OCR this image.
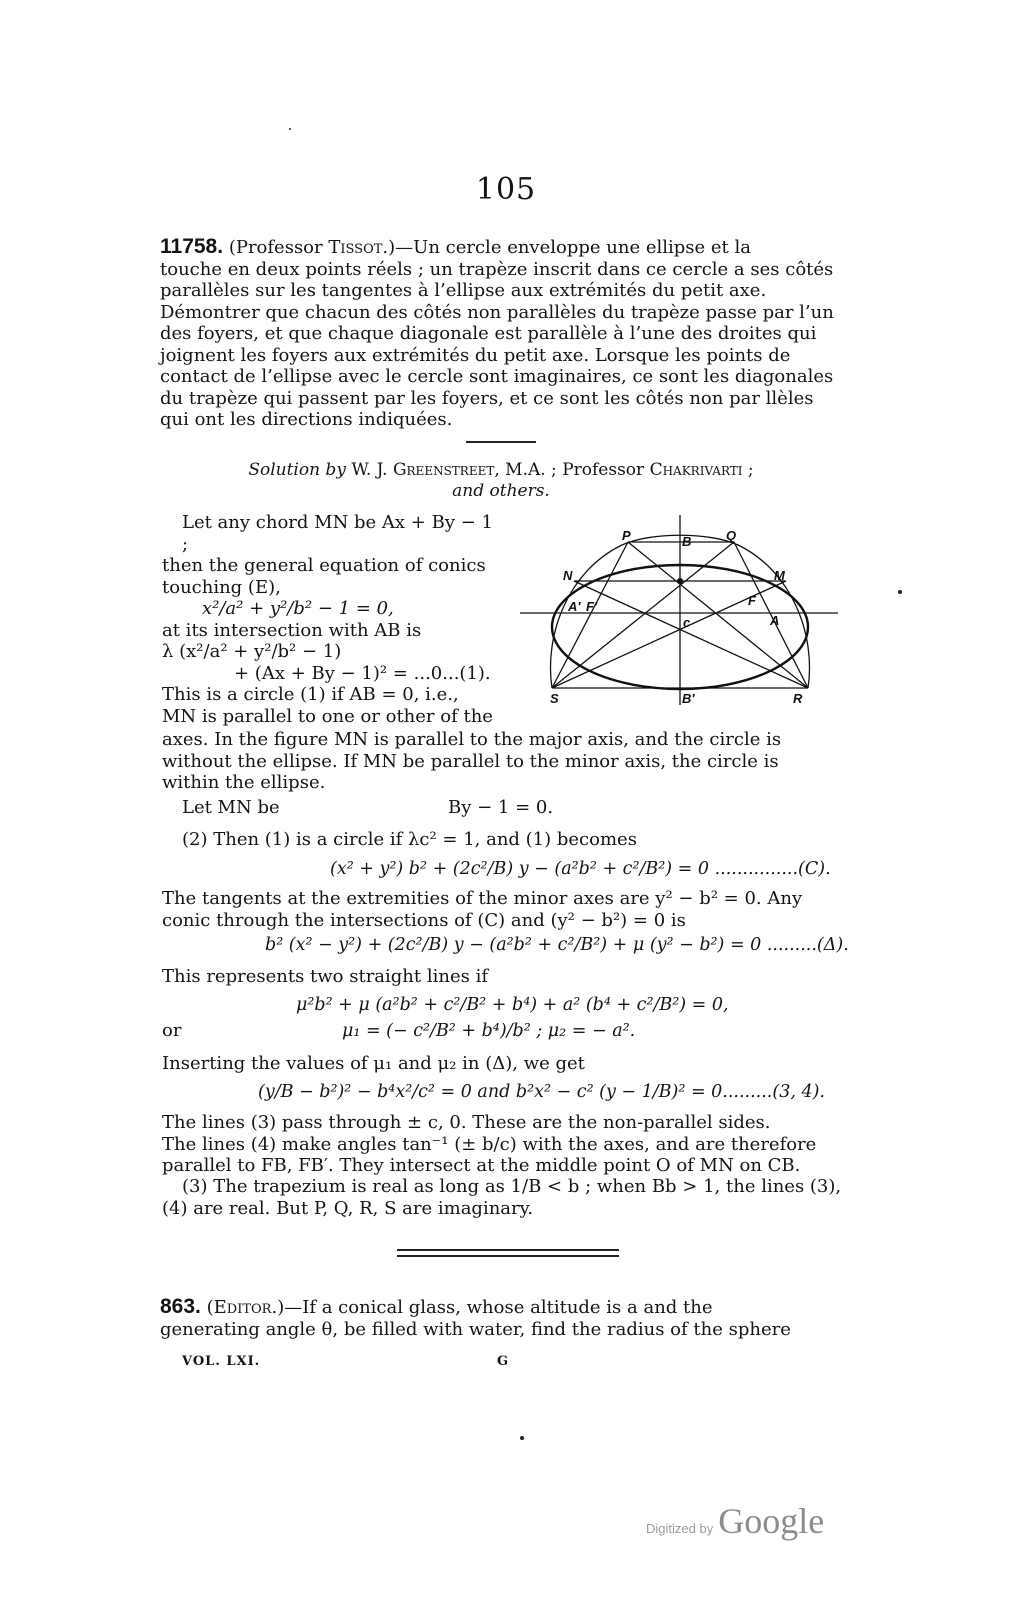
105
11758. (Professor Tissot.)—Un cercle enveloppe une ellipse et la
touche en deux points réels ; un trapèze inscrit dans ce cercle a ses côtés
parallèles sur les tangentes à l’ellipse aux extrémités du petit axe.
Démontrer que chacun des côtés non parallèles du trapèze passe par l’un
des foyers, et que chaque diagonale est parallèle à l’une des droites qui
joignent les foyers aux extrémités du petit axe. Lorsque les points de
contact de l’ellipse avec le cercle sont imaginaires, ce sont les diagonales
du trapèze qui passent par les foyers, et ce sont les côtés non par llèles
qui ont les directions indiquées.
Solution by W. J. Greenstreet, M.A. ; Professor Chakrivarti ;
and others.
Let any chord MN be Ax + By − 1 ;
then the general equation of conics
touching (E),
x²/a² + y²/b² − 1 = 0,
at its intersection with AB is
λ (x²/a² + y²/b² − 1)
+ (Ax + By − 1)² = ...0...(1).
This is a circle (1) if AB = 0, i.e.,
MN is parallel to one or other of the
P	B	Q
N	M
A′ F′	F
A
c
S	B′	R
axes. In the figure MN is parallel to the major axis, and the circle is
without the ellipse. If MN be parallel to the minor axis, the circle is
within the ellipse.
Let MN be	By − 1 = 0.
(2) Then (1) is a circle if λc² = 1, and (1) becomes
(x² + y²) b² + (2c²/B) y − (a²b² + c²/B²) = 0 ...............(C).
The tangents at the extremities of the minor axes are y² − b² = 0. Any
conic through the intersections of (C) and (y² − b²) = 0 is
b² (x² − y²) + (2c²/B) y − (a²b² + c²/B²) + μ (y² − b²) = 0 .........(Δ).
This represents two straight lines if
μ²b² + μ (a²b² + c²/B² + b⁴) + a² (b⁴ + c²/B²) = 0,
or	μ₁ = (− c²/B² + b⁴)/b² ; μ₂ = − a².
Inserting the values of μ₁ and μ₂ in (Δ), we get
(y/B − b²)² − b⁴x²/c² = 0 and b²x² − c² (y − 1/B)² = 0.........(3, 4).
The lines (3) pass through ± c, 0. These are the non-parallel sides.
The lines (4) make angles tan⁻¹ (± b/c) with the axes, and are therefore
parallel to FB, FB′. They intersect at the middle point O of MN on CB.
(3) The trapezium is real as long as 1/B < b ; when Bb > 1, the lines (3),
(4) are real. But P, Q, R, S are imaginary.
863. (Editor.)—If a conical glass, whose altitude is a and the
generating angle θ, be filled with water, find the radius of the sphere
VOL. LXI.	G
Digitized by Google
